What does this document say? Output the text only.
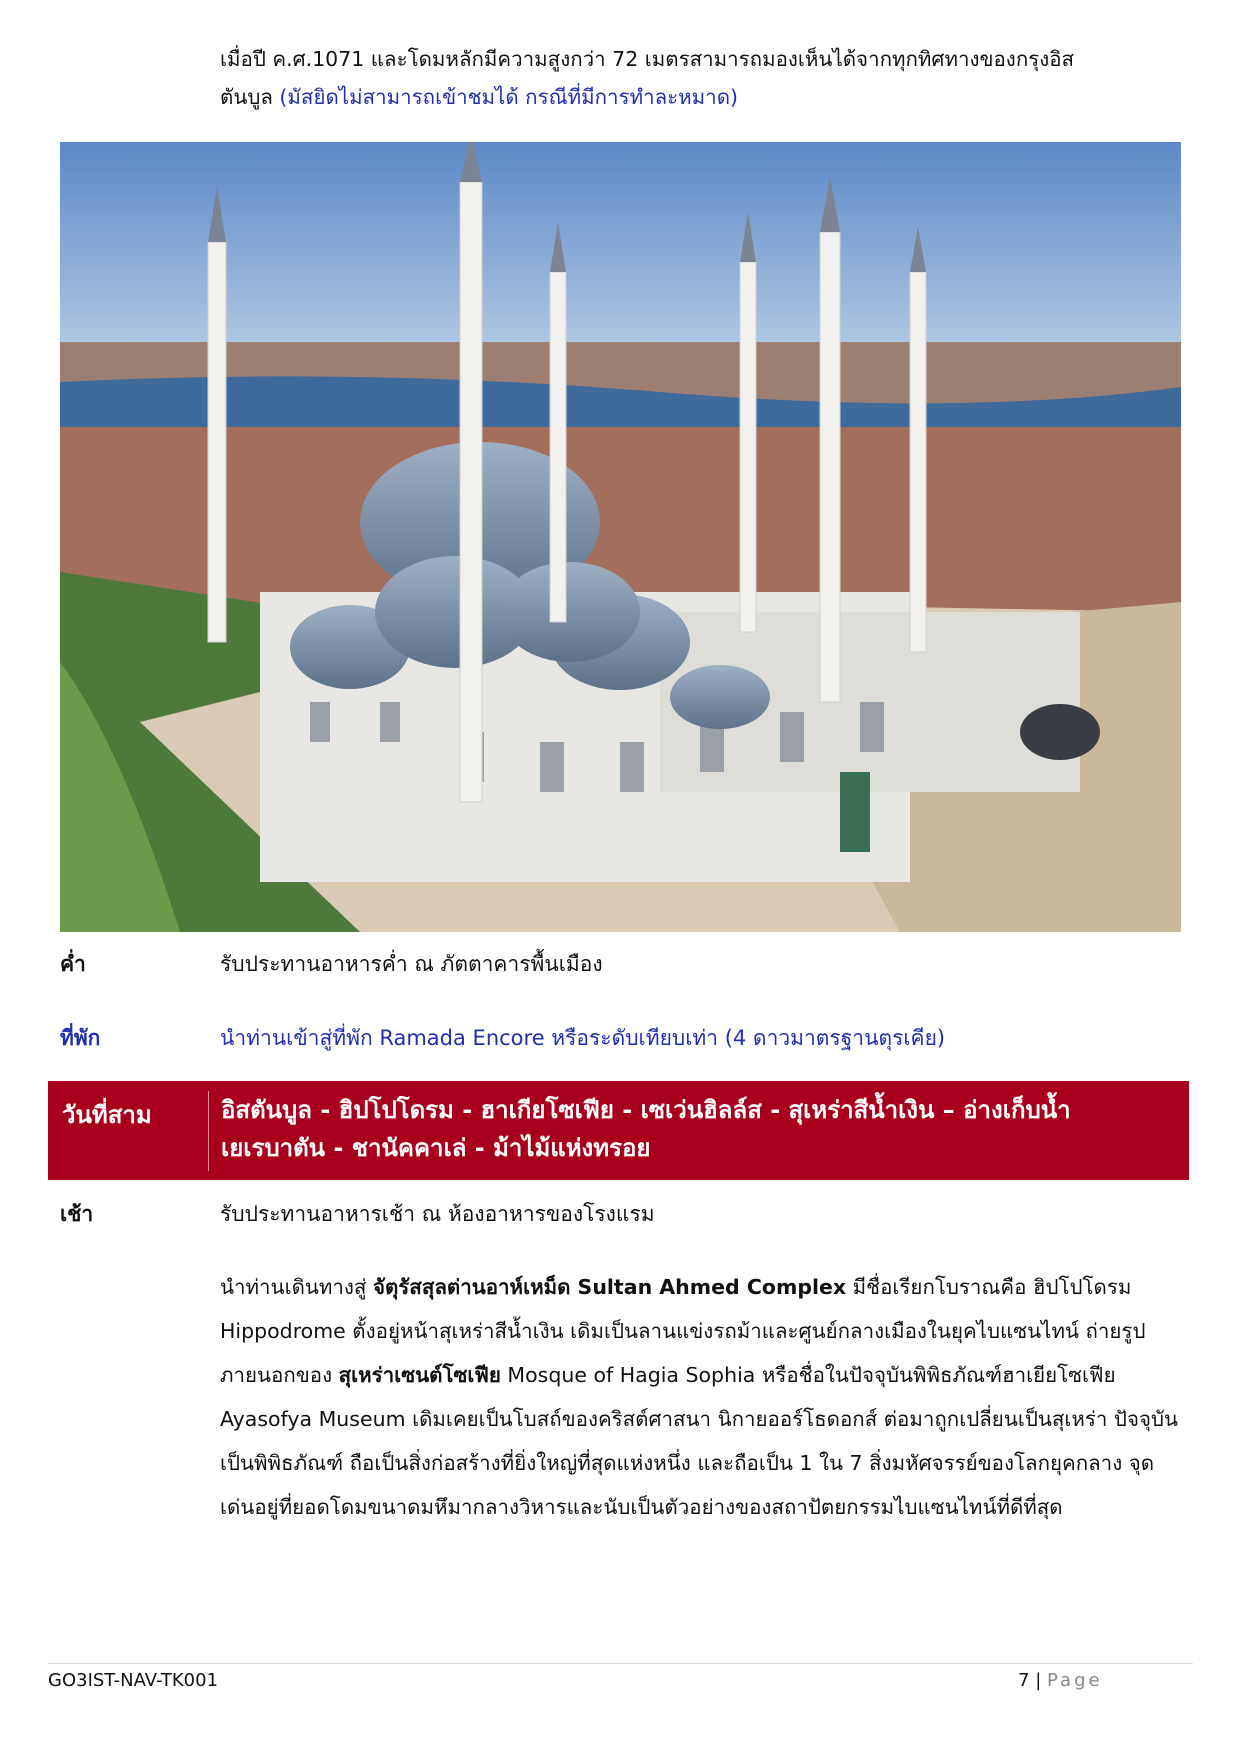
เมื่อปี ค.ศ.1071 และโดมหลักมีความสูงกว่า 72 เมตรสามารถมองเห็นได้จากทุกทิศทางของกรุงอิส
ตันบูล (มัสยิดไม่สามารถเข้าชมได้ กรณีที่มีการทำละหมาด)

ค่ำ	รับประทานอาหารค่ำ ณ ภัตตาคารพื้นเมือง
ที่พัก	นำท่านเข้าสู่ที่พัก Ramada Encore หรือระดับเทียบเท่า (4 ดาวมาตรฐานตุรเคีย)
วันที่สาม	อิสตันบูล - ฮิปโปโดรม - ฮาเกียโซเฟีย - เซเว่นฮิลล์ส - สุเหร่าสีน้ำเงิน – อ่างเก็บน้ำ
เยเรบาตัน - ชานัคคาเล่ - ม้าไม้แห่งทรอย
เช้า	รับประทานอาหารเช้า ณ ห้องอาหารของโรงแรม

นำท่านเดินทางสู่ จัตุรัสสุลต่านอาห์เหม็ด Sultan Ahmed Complex มีชื่อเรียกโบราณคือ ฮิปโปโดรม Hippodrome ตั้งอยู่หน้าสุเหร่าสีน้ำเงิน เดิมเป็นลานแข่งรถม้าและศูนย์กลางเมืองในยุคไบแซนไทน์ ถ่ายรูปภายนอกของ สุเหร่าเซนต์โซเฟีย Mosque of Hagia Sophia หรือชื่อในปัจจุบันพิพิธภัณฑ์ฮาเยียโซเฟีย Ayasofya Museum เดิมเคยเป็นโบสถ์ของคริสต์ศาสนา นิกายออร์โธดอกส์ ต่อมาถูกเปลี่ยนเป็นสุเหร่า ปัจจุบันเป็นพิพิธภัณฑ์ ถือเป็นสิ่งก่อสร้างที่ยิ่งใหญ่ที่สุดแห่งหนึ่ง และถือเป็น 1 ใน 7 สิ่งมหัศจรรย์ของโลกยุคกลาง จุดเด่นอยู่ที่ยอดโดมขนาดมหึมากลางวิหารและนับเป็นตัวอย่างของสถาปัตยกรรมไบแซนไทน์ที่ดีที่สุด

GO3IST-NAV-TK001	7 | Page
